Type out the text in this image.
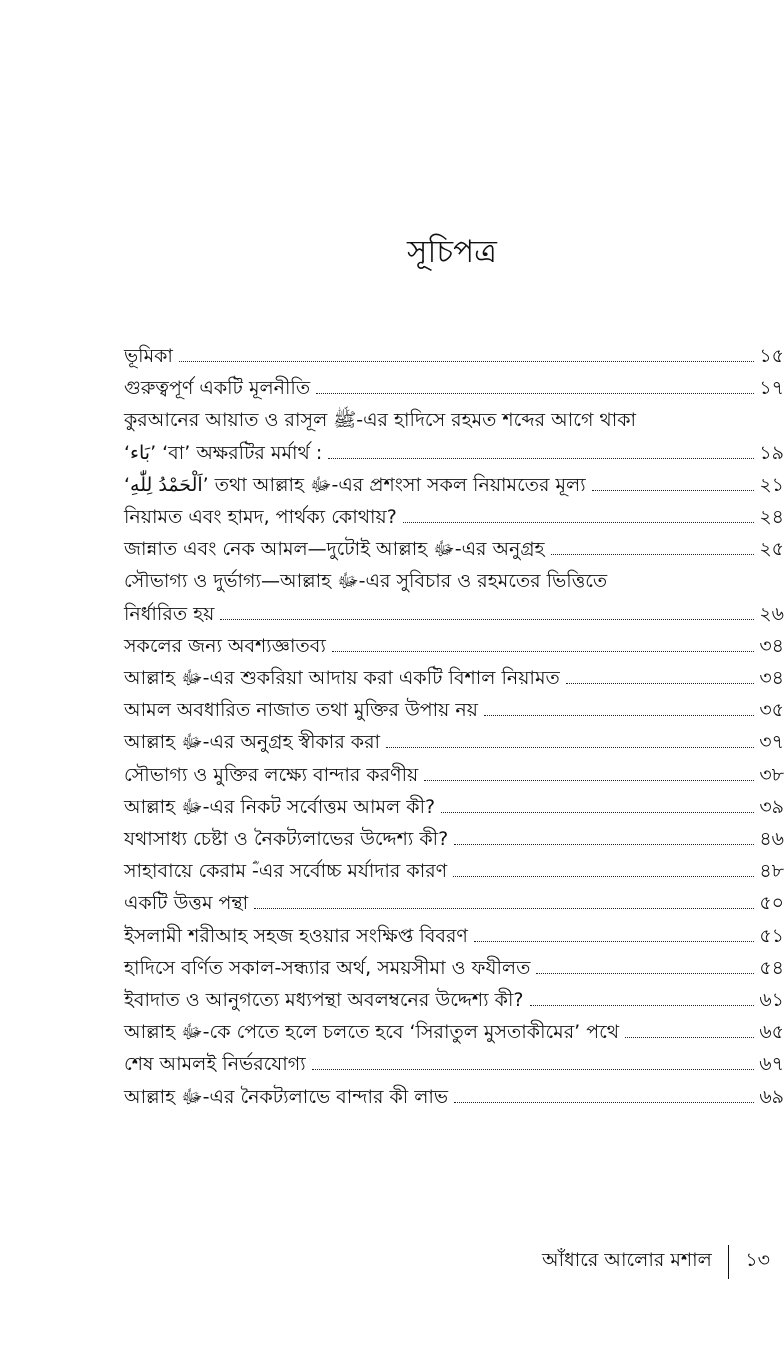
সূচিপত্র
ভূমিকা	১৫
গুরুত্বপূর্ণ একটি মূলনীতি	১৭
কুরআনের আয়াত ও রাসূল ﷺ-এর হাদিসে রহমত শব্দের আগে থাকা
‘بَاء’ ‘বা’ অক্ষরটির মর্মার্থ :	১৯
‘اَلْحَمْدُ لِلّٰهِ’ তথা আল্লাহ ﷻ-এর প্রশংসা সকল নিয়ামতের মূল্য	২১
নিয়ামত এবং হামদ, পার্থক্য কোথায়?	২৪
জান্নাত এবং নেক আমল—দুটোই আল্লাহ ﷻ-এর অনুগ্রহ	২৫
সৌভাগ্য ও দুর্ভাগ্য—আল্লাহ ﷻ-এর সুবিচার ও রহমতের ভিত্তিতে
নির্ধারিত হয়	২৬
সকলের জন্য অবশ্যজ্ঞাতব্য	৩৪
আল্লাহ ﷻ-এর শুকরিয়া আদায় করা একটি বিশাল নিয়ামত	৩৪
আমল অবধারিত নাজাত তথা মুক্তির উপায় নয়	৩৫
আল্লাহ ﷻ-এর অনুগ্রহ স্বীকার করা	৩৭
সৌভাগ্য ও মুক্তির লক্ষ্যে বান্দার করণীয়	৩৮
আল্লাহ ﷻ-এর নিকট সর্বোত্তম আমল কী?	৩৯
যথাসাধ্য চেষ্টা ও নৈকট্যলাভের উদ্দেশ্য কী?	৪৬
সাহাবায়ে কেরাম ؓ-এর সর্বোচ্চ মর্যাদার কারণ	৪৮
একটি উত্তম পন্থা	৫০
ইসলামী শরীআহ সহজ হওয়ার সংক্ষিপ্ত বিবরণ	৫১
হাদিসে বর্ণিত সকাল-সন্ধ্যার অর্থ, সময়সীমা ও ফযীলত	৫৪
ইবাদাত ও আনুগত্যে মধ্যপন্থা অবলম্বনের উদ্দেশ্য কী?	৬১
আল্লাহ ﷻ-কে পেতে হলে চলতে হবে ‘সিরাতুল মুসতাকীমের’ পথে	৬৫
শেষ আমলই নির্ভরযোগ্য	৬৭
আল্লাহ ﷻ-এর নৈকট্যলাভে বান্দার কী লাভ	৬৯
আঁধারে আলোর মশাল ১৩
